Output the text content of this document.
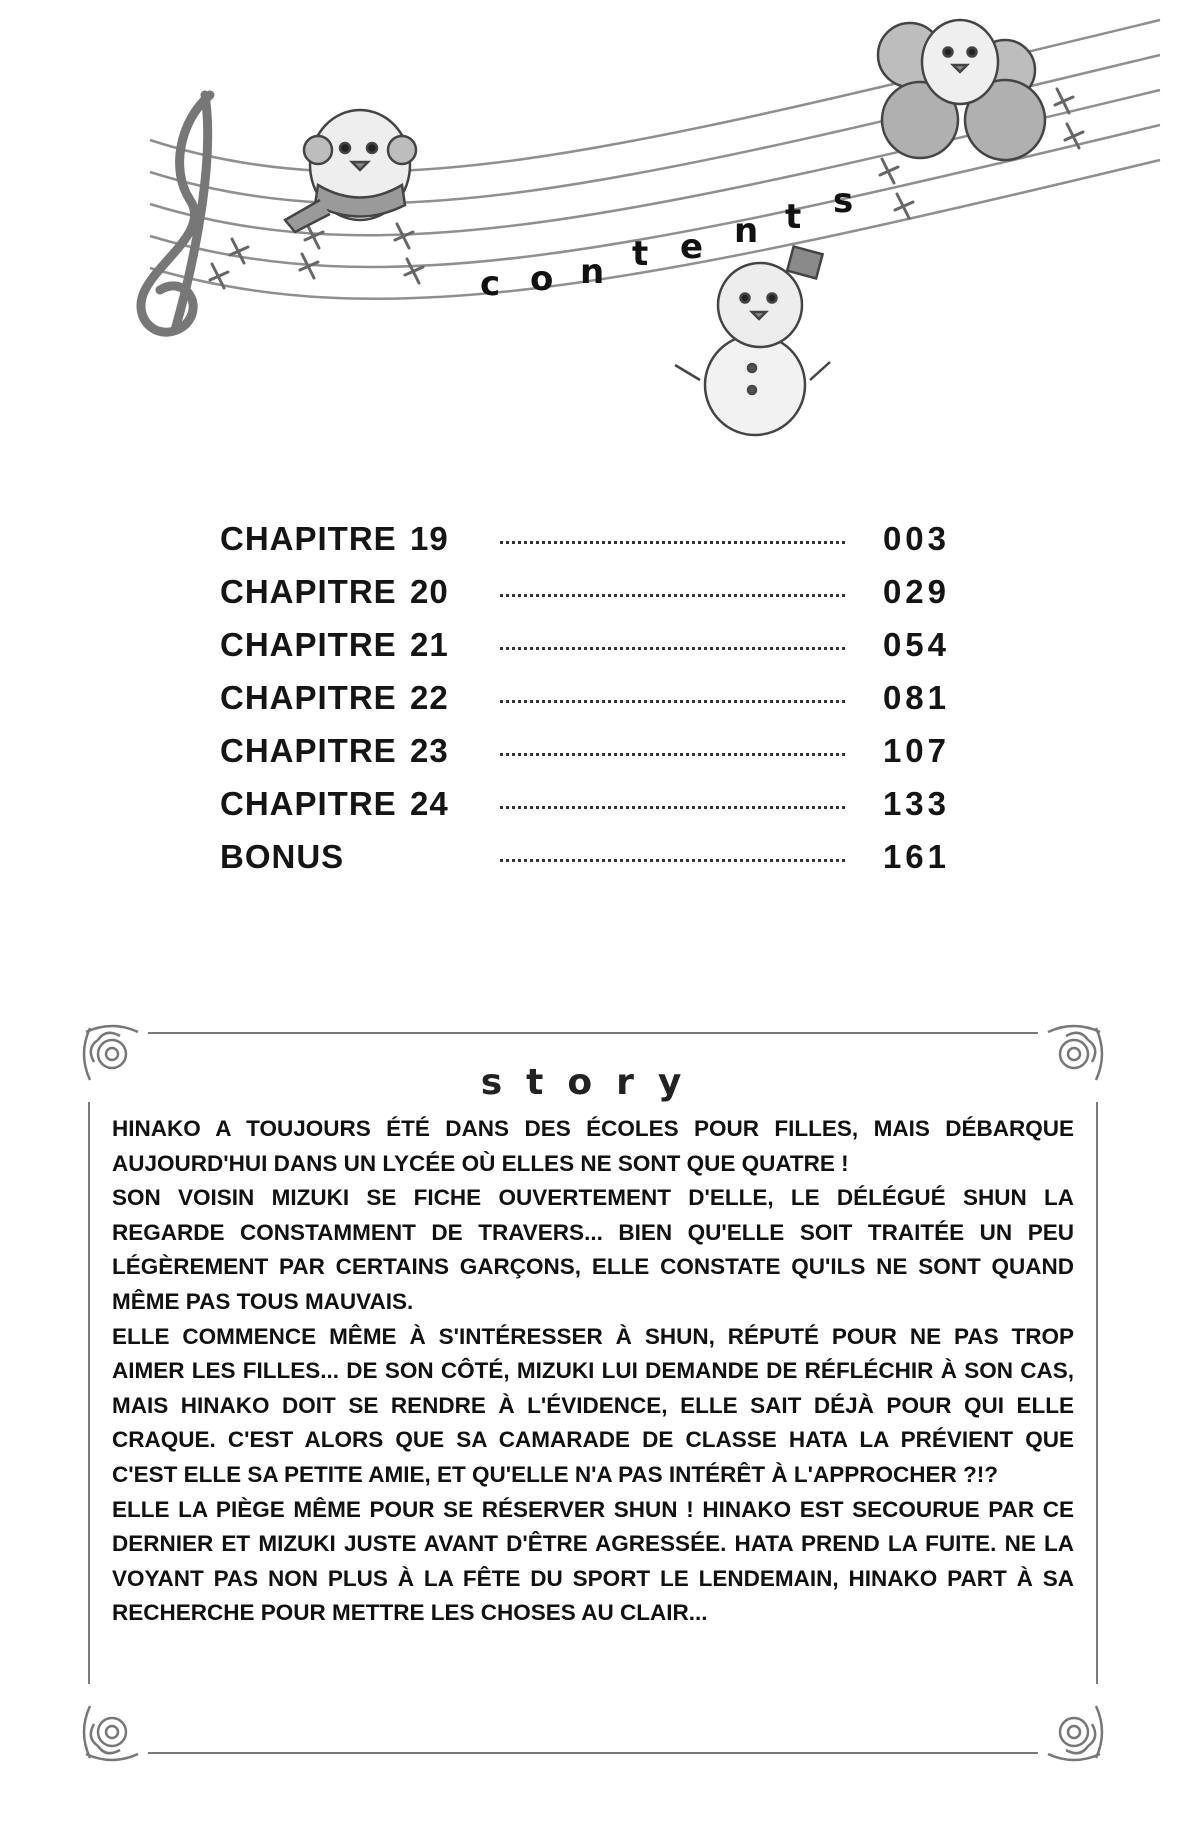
c o n t e n t s
CHAPITRE 19	003
CHAPITRE 20	029
CHAPITRE 21	054
CHAPITRE 22	081
CHAPITRE 23	107
CHAPITRE 24	133
BONUS	161
story

HINAKO A TOUJOURS ÉTÉ DANS DES ÉCOLES POUR FILLES, MAIS DÉBARQUE AUJOURD'HUI DANS UN LYCÉE OÙ ELLES NE SONT QUE QUATRE !

SON VOISIN MIZUKI SE FICHE OUVERTEMENT D'ELLE, LE DÉLÉGUÉ SHUN LA REGARDE CONSTAMMENT DE TRAVERS... BIEN QU'ELLE SOIT TRAITÉE UN PEU LÉGÈREMENT PAR CERTAINS GARÇONS, ELLE CONSTATE QU'ILS NE SONT QUAND MÊME PAS TOUS MAUVAIS.

ELLE COMMENCE MÊME À S'INTÉRESSER À SHUN, RÉPUTÉ POUR NE PAS TROP AIMER LES FILLES... DE SON CÔTÉ, MIZUKI LUI DEMANDE DE RÉFLÉCHIR À SON CAS, MAIS HINAKO DOIT SE RENDRE À L'ÉVIDENCE, ELLE SAIT DÉJÀ POUR QUI ELLE CRAQUE. C'EST ALORS QUE SA CAMARADE DE CLASSE HATA LA PRÉVIENT QUE C'EST ELLE SA PETITE AMIE, ET QU'ELLE N'A PAS INTÉRÊT À L'APPROCHER ?!?

ELLE LA PIÈGE MÊME POUR SE RÉSERVER SHUN ! HINAKO EST SECOURUE PAR CE DERNIER ET MIZUKI JUSTE AVANT D'ÊTRE AGRESSÉE. HATA PREND LA FUITE. NE LA VOYANT PAS NON PLUS À LA FÊTE DU SPORT LE LENDEMAIN, HINAKO PART À SA RECHERCHE POUR METTRE LES CHOSES AU CLAIR...
